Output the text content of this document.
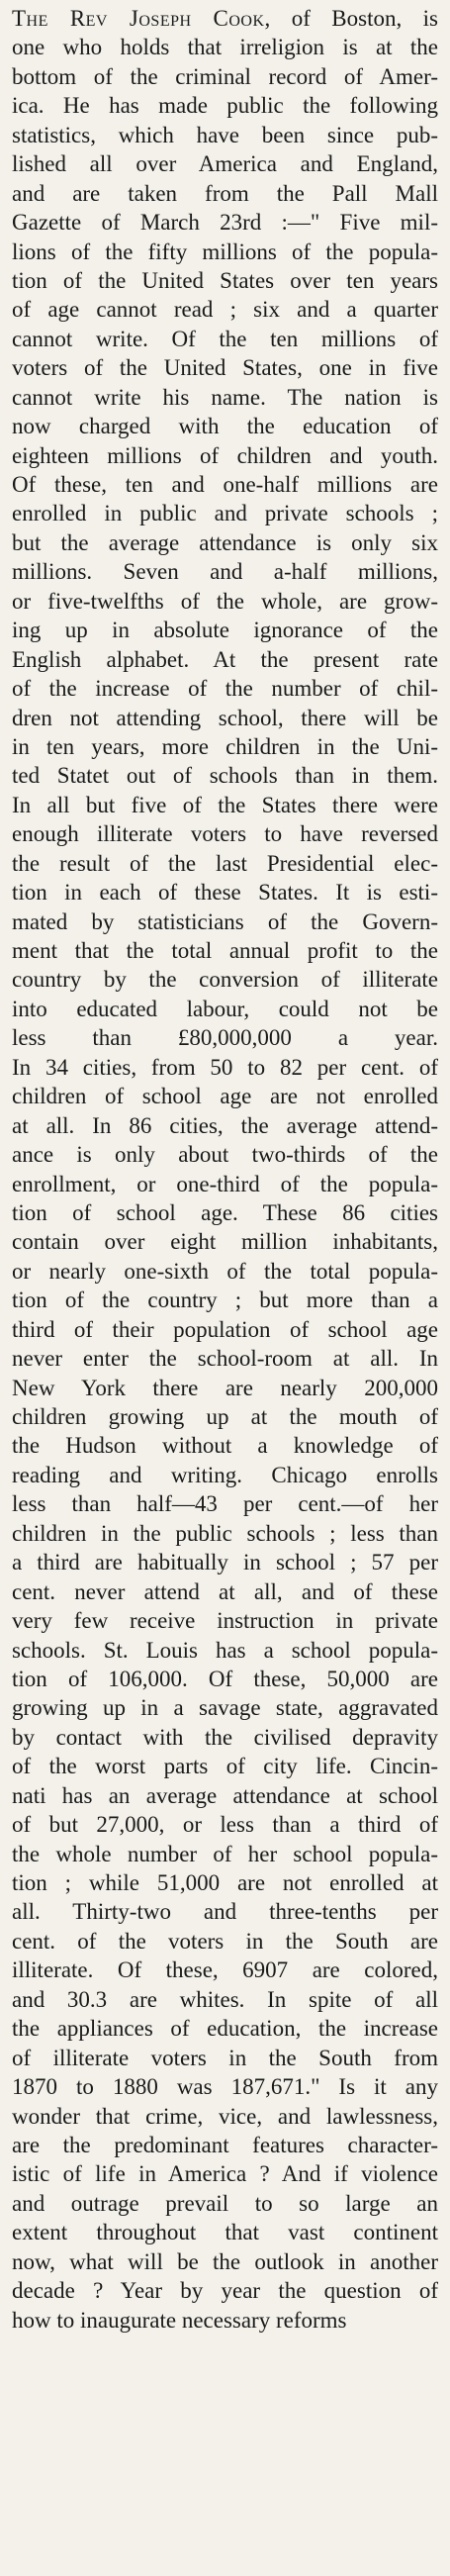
The Rev Joseph Cook, of Boston, is
one who holds that irreligion is at the
bottom of the criminal record of Amer-
ica. He has made public the following
statistics, which have been since pub-
lished all over America and England,
and are taken from the Pall Mall
Gazette of March 23rd :—" Five mil-
lions of the fifty millions of the popula-
tion of the United States over ten years
of age cannot read ; six and a quarter
cannot write. Of the ten millions of
voters of the United States, one in five
cannot write his name. The nation is
now charged with the education of
eighteen millions of children and youth.
Of these, ten and one-half millions are
enrolled in public and private schools ;
but the average attendance is only six
millions. Seven and a-half millions,
or five-twelfths of the whole, are grow-
ing up in absolute ignorance of the
English alphabet. At the present rate
of the increase of the number of chil-
dren not attending school, there will be
in ten years, more children in the Uni-
ted Statet out of schools than in them.
In all but five of the States there were
enough illiterate voters to have reversed
the result of the last Presidential elec-
tion in each of these States. It is esti-
mated by statisticians of the Govern-
ment that the total annual profit to the
country by the conversion of illiterate
into educated labour, could not be
less than £80,000,000 a year.
In 34 cities, from 50 to 82 per cent. of
children of school age are not enrolled
at all. In 86 cities, the average attend-
ance is only about two-thirds of the
enrollment, or one-third of the popula-
tion of school age. These 86 cities
contain over eight million inhabitants,
or nearly one-sixth of the total popula-
tion of the country ; but more than a
third of their population of school age
never enter the school-room at all. In
New York there are nearly 200,000
children growing up at the mouth of
the Hudson without a knowledge of
reading and writing. Chicago enrolls
less than half—43 per cent.—of her
children in the public schools ; less than
a third are habitually in school ; 57 per
cent. never attend at all, and of these
very few receive instruction in private
schools. St. Louis has a school popula-
tion of 106,000. Of these, 50,000 are
growing up in a savage state, aggravated
by contact with the civilised depravity
of the worst parts of city life. Cincin-
nati has an average attendance at school
of but 27,000, or less than a third of
the whole number of her school popula-
tion ; while 51,000 are not enrolled at
all. Thirty-two and three-tenths per
cent. of the voters in the South are
illiterate. Of these, 6907 are colored,
and 30.3 are whites. In spite of all
the appliances of education, the increase
of illiterate voters in the South from
1870 to 1880 was 187,671." Is it any
wonder that crime, vice, and lawlessness,
are the predominant features character-
istic of life in America ? And if violence
and outrage prevail to so large an
extent throughout that vast continent
now, what will be the outlook in another
decade ? Year by year the question of
how to inaugurate necessary reforms
